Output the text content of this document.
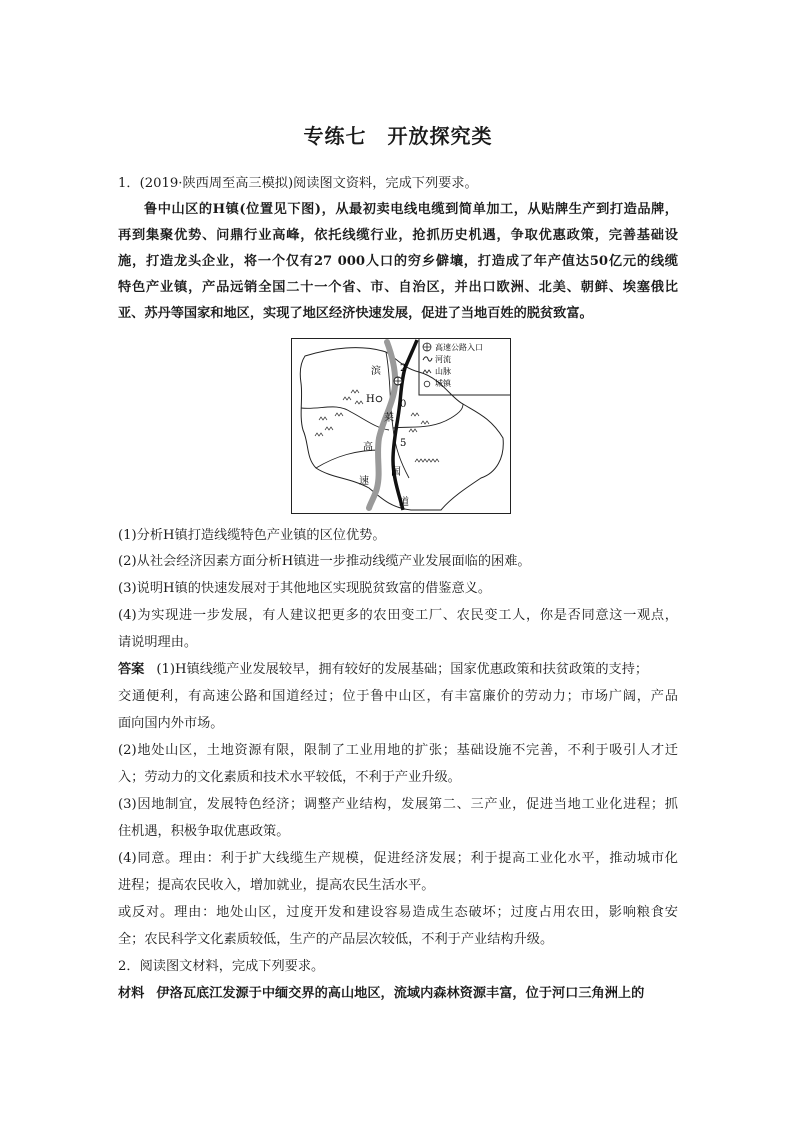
专练七　开放探究类
1．(2019·陕西周至高三模拟)阅读图文资料，完成下列要求。
鲁中山区的H镇(位置见下图)，从最初卖电线电缆到简单加工，从贴牌生产到打造品牌，
再到集聚优势、问鼎行业高峰，依托线缆行业，抢抓历史机遇，争取优惠政策，完善基础设
施，打造龙头企业，将一个仅有27 000人口的穷乡僻壤，打造成了年产值达50亿元的线缆
特色产业镇，产品远销全国二十一个省、市、自治区，并出口欧洲、北美、朝鲜、埃塞俄比
亚、苏丹等国家和地区，实现了地区经济快速发展，促进了当地百姓的脱贫致富。
高速公路入口
河流
山脉
城镇
滨
H
2
0
5
莱
高
速
国
道
(1)分析H镇打造线缆特色产业镇的区位优势。
(2)从社会经济因素方面分析H镇进一步推动线缆产业发展面临的困难。
(3)说明H镇的快速发展对于其他地区实现脱贫致富的借鉴意义。
(4)为实现进一步发展，有人建议把更多的农田变工厂、农民变工人，你是否同意这一观点，
请说明理由。
答案 (1)H镇线缆产业发展较早，拥有较好的发展基础；国家优惠政策和扶贫政策的支持；
交通便利，有高速公路和国道经过；位于鲁中山区，有丰富廉价的劳动力；市场广阔，产品
面向国内外市场。
(2)地处山区，土地资源有限，限制了工业用地的扩张；基础设施不完善，不利于吸引人才迁
入；劳动力的文化素质和技术水平较低，不利于产业升级。
(3)因地制宜，发展特色经济；调整产业结构，发展第二、三产业，促进当地工业化进程；抓
住机遇，积极争取优惠政策。
(4)同意。理由：利于扩大线缆生产规模，促进经济发展；利于提高工业化水平，推动城市化
进程；提高农民收入，增加就业，提高农民生活水平。
或反对。理由：地处山区，过度开发和建设容易造成生态破坏；过度占用农田，影响粮食安
全；农民科学文化素质较低，生产的产品层次较低，不利于产业结构升级。
2．阅读图文材料，完成下列要求。
材料 伊洛瓦底江发源于中缅交界的高山地区，流域内森林资源丰富，位于河口三角洲上的
